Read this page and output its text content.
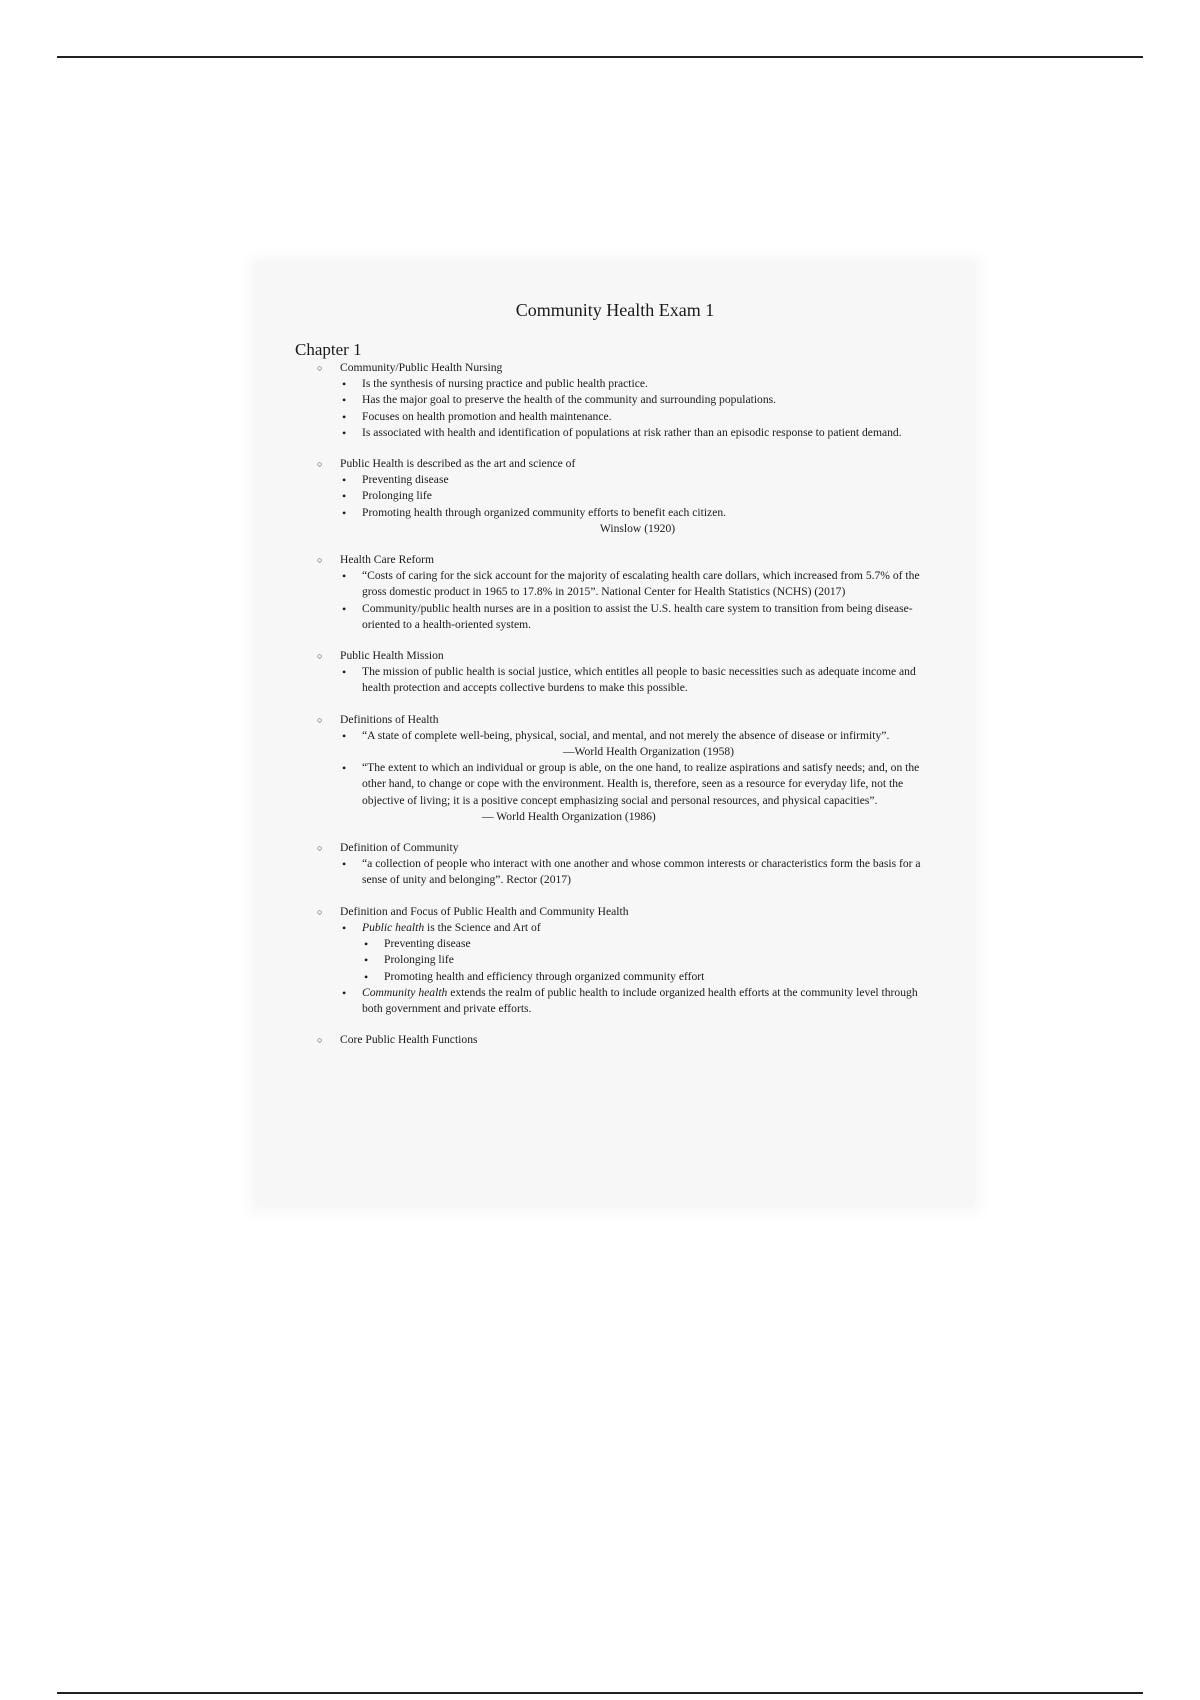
Community Health Exam 1
Chapter 1
○ Community/Public Health Nursing
• Is the synthesis of nursing practice and public health practice.
• Has the major goal to preserve the health of the community and surrounding populations.
• Focuses on health promotion and health maintenance.
• Is associated with health and identification of populations at risk rather than an episodic response to patient demand.
○ Public Health is described as the art and science of
• Preventing disease
• Prolonging life
• Promoting health through organized community efforts to benefit each citizen.
Winslow (1920)
○ Health Care Reform
• “Costs of caring for the sick account for the majority of escalating health care dollars, which increased from 5.7% of the gross domestic product in 1965 to 17.8% in 2015”. National Center for Health Statistics (NCHS) (2017)
• Community/public health nurses are in a position to assist the U.S. health care system to transition from being disease-oriented to a health-oriented system.
○ Public Health Mission
• The mission of public health is social justice, which entitles all people to basic necessities such as adequate income and health protection and accepts collective burdens to make this possible.
○ Definitions of Health
• “A state of complete well-being, physical, social, and mental, and not merely the absence of disease or infirmity”.
—World Health Organization (1958)
• “The extent to which an individual or group is able, on the one hand, to realize aspirations and satisfy needs; and, on the other hand, to change or cope with the environment. Health is, therefore, seen as a resource for everyday life, not the objective of living; it is a positive concept emphasizing social and personal resources, and physical capacities”.
— World Health Organization (1986)
○ Definition of Community
• “a collection of people who interact with one another and whose common interests or characteristics form the basis for a sense of unity and belonging”. Rector (2017)
○ Definition and Focus of Public Health and Community Health
• Public health is the Science and Art of
• Preventing disease
• Prolonging life
• Promoting health and efficiency through organized community effort
• Community health extends the realm of public health to include organized health efforts at the community level through both government and private efforts.
○ Core Public Health Functions
